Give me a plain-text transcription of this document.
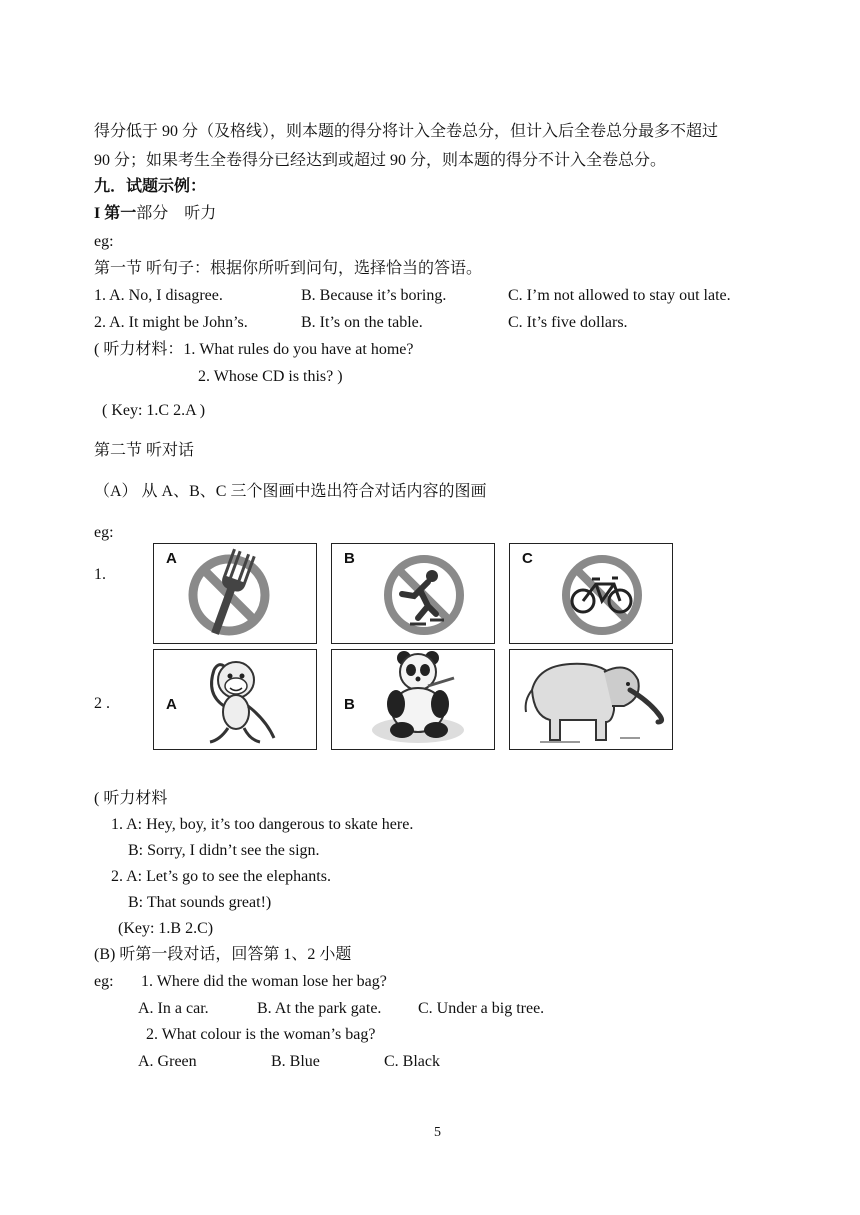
得分低于 90 分（及格线），则本题的得分将计入全卷总分，但计入后全卷总分最多不超过
90 分；如果考生全卷得分已经达到或超过 90 分，则本题的得分不计入全卷总分。
九．试题示例：
I 第一部分　听力
eg:
第一节 听句子：根据你所听到问句，选择恰当的答语。
1. A. No, I disagree.	B. Because it’s boring.	C. I’m not allowed to stay out late.
2. A. It might be John’s.	B. It’s on the table.	C. It’s five dollars.
( 听力材料：1. What rules do you have at home?
2. Whose CD is this? )
( Key: 1.C 2.A )
第二节 听对话
（A） 从 A、B、C 三个图画中选出符合对话内容的图画
eg:
1.
2 .
A	B	C
A	B
( 听力材料
1. A: Hey, boy, it’s too dangerous to skate here.
B: Sorry, I didn’t see the sign.
2. A: Let’s go to see the elephants.
B: That sounds great!)
(Key: 1.B 2.C)
(B) 听第一段对话，回答第 1、2 小题
eg: 1. Where did the woman lose her bag?
A. In a car.	B. At the park gate. C. Under a big tree.
2. What colour is the woman’s bag?
A. Green	B. Blue	C. Black
5
